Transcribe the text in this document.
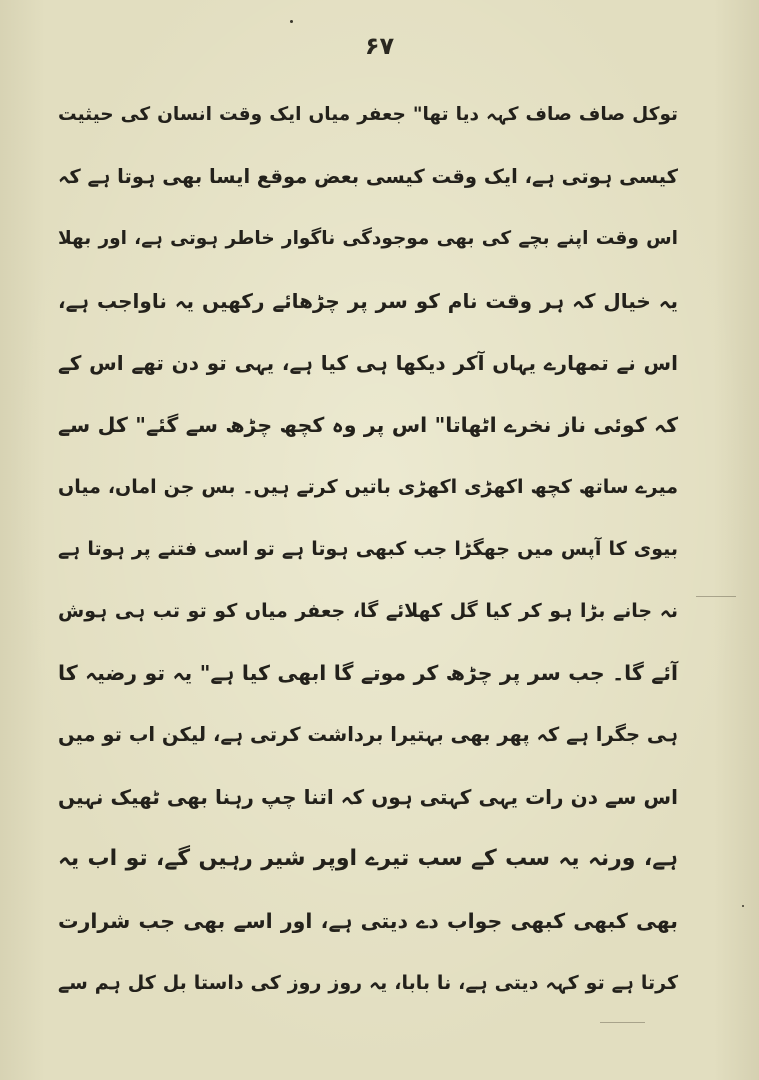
۶۷
توکل صاف صاف کہہ دیا تھا" جعفر میاں ایک وقت انسان کی حیثیت
کیسی ہوتی ہے، ایک وقت کیسی بعض موقع ایسا بھی ہوتا ہے کہ
اس وقت اپنے بچے کی بھی موجودگی ناگوار خاطر ہوتی ہے، اور بھلا
یہ خیال کہ ہر وقت نام کو سر پر چڑھائے رکھیں یہ ناواجب ہے،
اس نے تمھارے یہاں آکر دیکھا ہی کیا ہے، یہی تو دن تھے اس کے
کہ کوئی ناز نخرے اٹھاتا" اس پر وہ کچھ چڑھ سے گئے" کل سے
میرے ساتھ کچھ اکھڑی اکھڑی باتیں کرتے ہیں۔ بس جن اماں، میاں
بیوی کا آپس میں جھگڑا جب کبھی ہوتا ہے تو اسی فتنے پر ہوتا ہے
نہ جانے بڑا ہو کر کیا گل کھلائے گا، جعفر میاں کو تو تب ہی ہوش
آئے گا۔ جب سر پر چڑھ کر موتے گا ابھی کیا ہے" یہ تو رضیہ کا
ہی جگرا ہے کہ پھر بھی بہتیرا برداشت کرتی ہے، لیکن اب تو میں
اس سے دن رات یہی کہتی ہوں کہ اتنا چپ رہنا بھی ٹھیک نہیں
ہے، ورنہ یہ سب کے سب تیرے اوپر شیر رہیں گے، تو اب یہ
بھی کبھی کبھی جواب دے دیتی ہے، اور اسے بھی جب شرارت
کرتا ہے تو کہہ دیتی ہے، نا بابا، یہ روز روز کی داستا بل کل ہم سے
